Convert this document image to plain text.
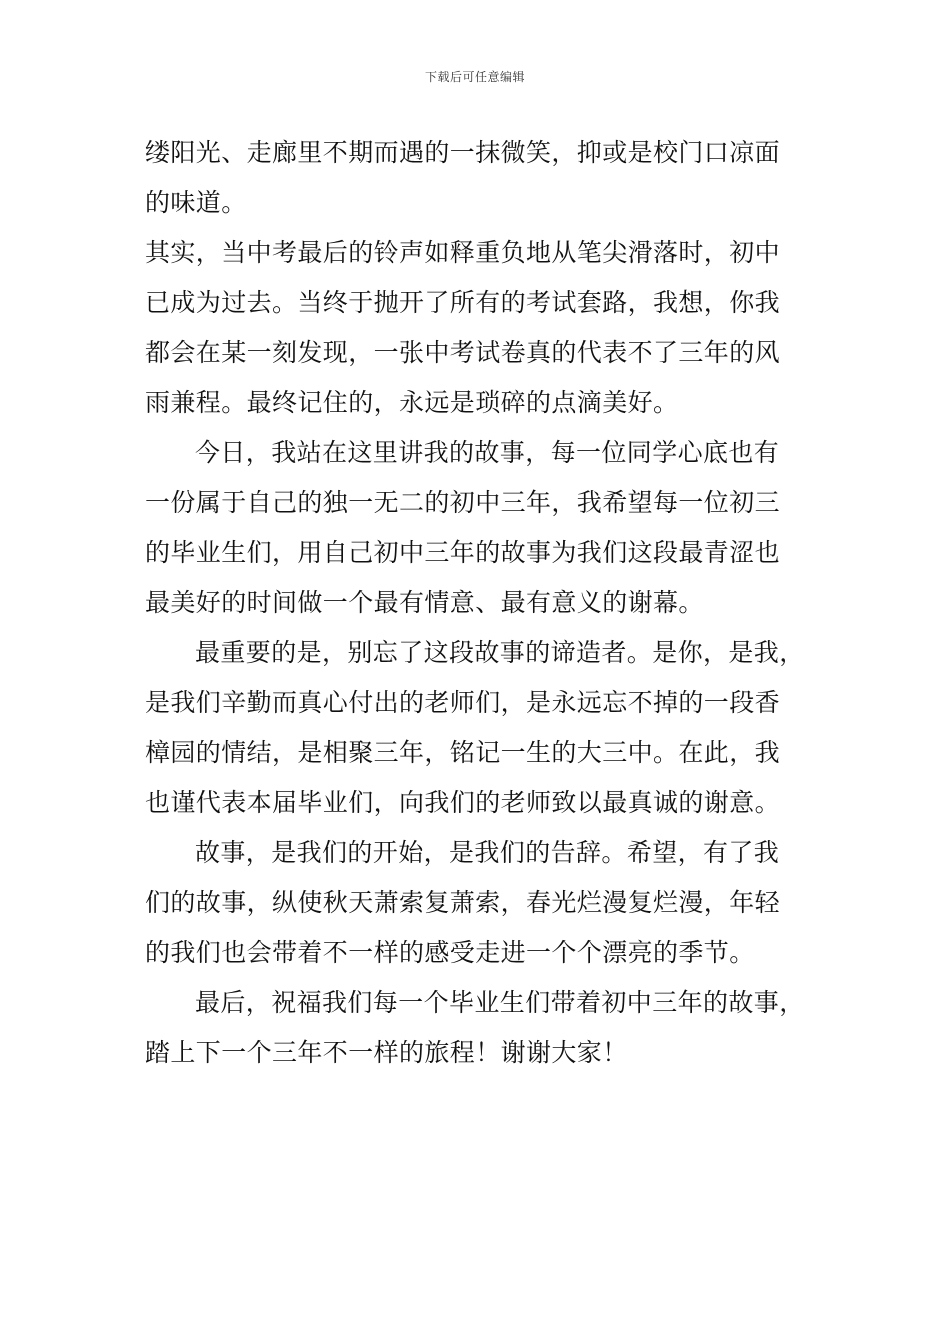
下载后可任意编辑
缕阳光、走廊里不期而遇的一抹微笑，抑或是校门口凉面
的味道。
其实，当中考最后的铃声如释重负地从笔尖滑落时，初中
已成为过去。当终于抛开了所有的考试套路，我想，你我
都会在某一刻发现，一张中考试卷真的代表不了三年的风
雨兼程。最终记住的，永远是琐碎的点滴美好。
今日，我站在这里讲我的故事，每一位同学心底也有
一份属于自己的独一无二的初中三年，我希望每一位初三
的毕业生们，用自己初中三年的故事为我们这段最青涩也
最美好的时间做一个最有情意、最有意义的谢幕。
最重要的是，别忘了这段故事的谛造者。是你，是我，
是我们辛勤而真心付出的老师们，是永远忘不掉的一段香
樟园的情结，是相聚三年，铭记一生的大三中。在此，我
也谨代表本届毕业们，向我们的老师致以最真诚的谢意。
故事，是我们的开始，是我们的告辞。希望，有了我
们的故事，纵使秋天萧索复萧索，春光烂漫复烂漫，年轻
的我们也会带着不一样的感受走进一个个漂亮的季节。
最后，祝福我们每一个毕业生们带着初中三年的故事，
踏上下一个三年不一样的旅程！谢谢大家！
